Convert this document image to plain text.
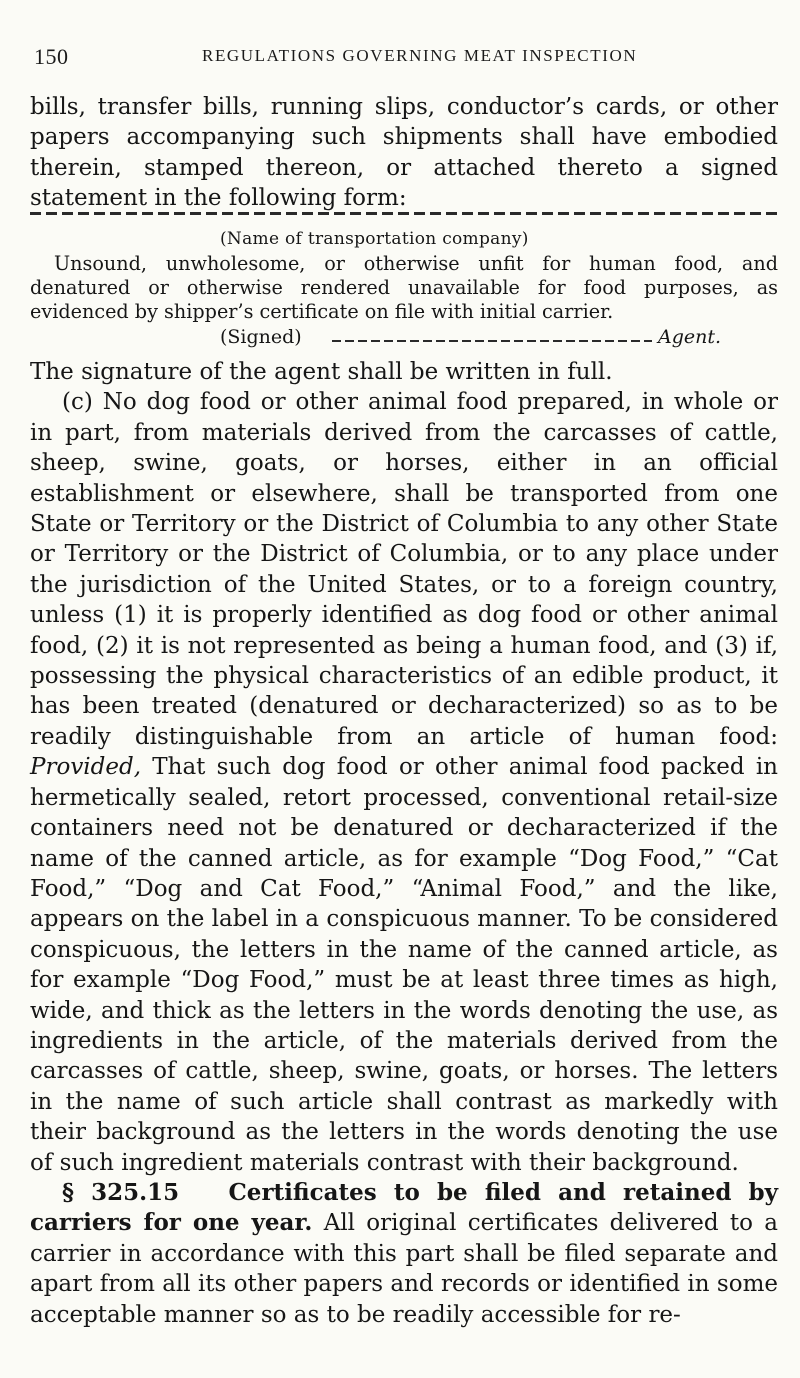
150	REGULATIONS GOVERNING MEAT INSPECTION

bills, transfer bills, running slips, conductor’s cards, or other papers accompanying such shipments shall have embodied therein, stamped thereon, or attached thereto a signed statement in the following form:

(Name of transportation company)

Unsound, unwholesome, or otherwise unfit for human food, and denatured or otherwise rendered unavailable for food purposes, as evidenced by shipper’s certificate on file with initial carrier.

(Signed)	Agent.

The signature of the agent shall be written in full.

(c) No dog food or other animal food prepared, in whole or in part, from materials derived from the carcasses of cattle, sheep, swine, goats, or horses, either in an official establishment or elsewhere, shall be transported from one State or Territory or the District of Columbia to any other State or Territory or the District of Columbia, or to any place under the jurisdiction of the United States, or to a foreign country, unless (1) it is properly identified as dog food or other animal food, (2) it is not represented as being a human food, and (3) if, possessing the physical characteristics of an edible product, it has been treated (denatured or decharacterized) so as to be readily distinguishable from an article of human food: Provided, That such dog food or other animal food packed in hermetically sealed, retort processed, conventional retail-size containers need not be denatured or decharacterized if the name of the canned article, as for example “Dog Food,” “Cat Food,” “Dog and Cat Food,” “Animal Food,” and the like, appears on the label in a conspicuous manner. To be considered conspicuous, the letters in the name of the canned article, as for example “Dog Food,” must be at least three times as high, wide, and thick as the letters in the words denoting the use, as ingredients in the article, of the materials derived from the carcasses of cattle, sheep, swine, goats, or horses. The letters in the name of such article shall contrast as markedly with their background as the letters in the words denoting the use of such ingredient materials contrast with their background.

§ 325.15 Certificates to be filed and retained by carriers for one year. All original certificates delivered to a carrier in accordance with this part shall be filed separate and apart from all its other papers and records or identified in some acceptable manner so as to be readily accessible for re-
